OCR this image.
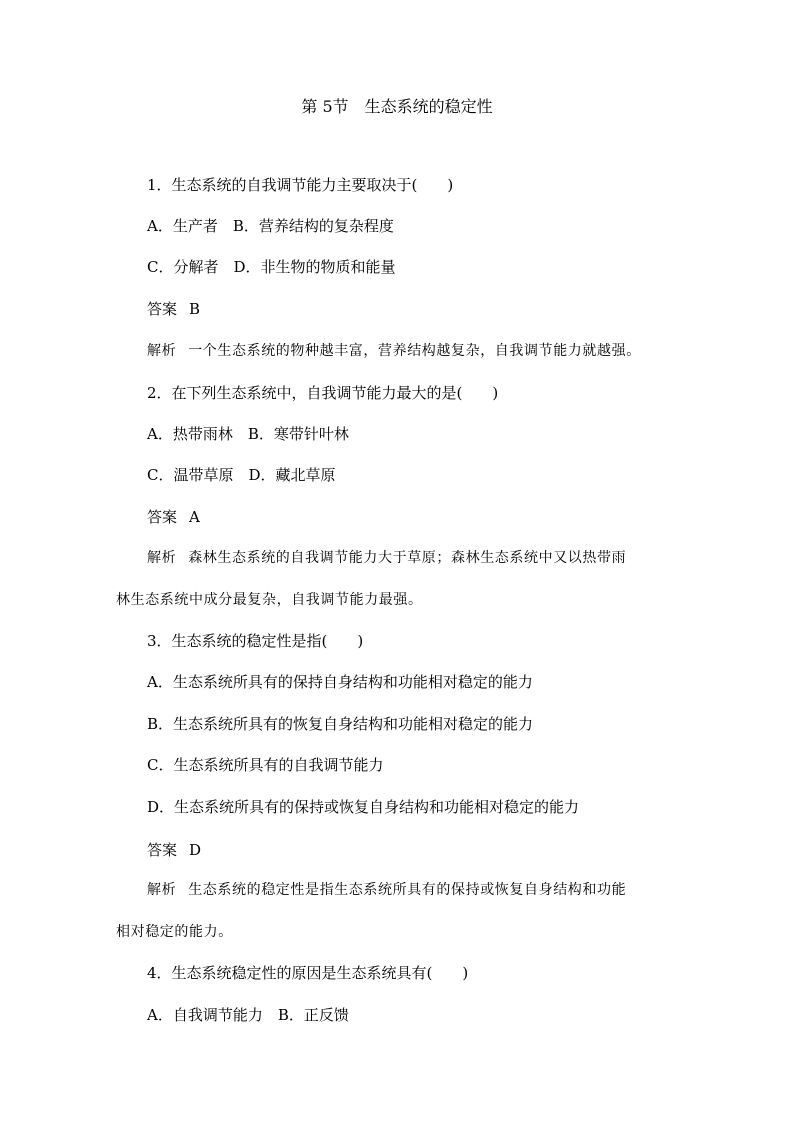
第 5节　生态系统的稳定性
1．生态系统的自我调节能力主要取决于(　　)
A．生产者　B．营养结构的复杂程度
C．分解者　D．非生物的物质和能量
答案 B
解析 一个生态系统的物种越丰富，营养结构越复杂，自我调节能力就越强。
2．在下列生态系统中，自我调节能力最大的是(　　)
A．热带雨林　B．寒带针叶林
C．温带草原　D．藏北草原
答案 A
解析 森林生态系统的自我调节能力大于草原；森林生态系统中又以热带雨
林生态系统中成分最复杂，自我调节能力最强。
3．生态系统的稳定性是指(　　)
A．生态系统所具有的保持自身结构和功能相对稳定的能力
B．生态系统所具有的恢复自身结构和功能相对稳定的能力
C．生态系统所具有的自我调节能力
D．生态系统所具有的保持或恢复自身结构和功能相对稳定的能力
答案 D
解析 生态系统的稳定性是指生态系统所具有的保持或恢复自身结构和功能
相对稳定的能力。
4．生态系统稳定性的原因是生态系统具有(　　)
A．自我调节能力　B．正反馈
